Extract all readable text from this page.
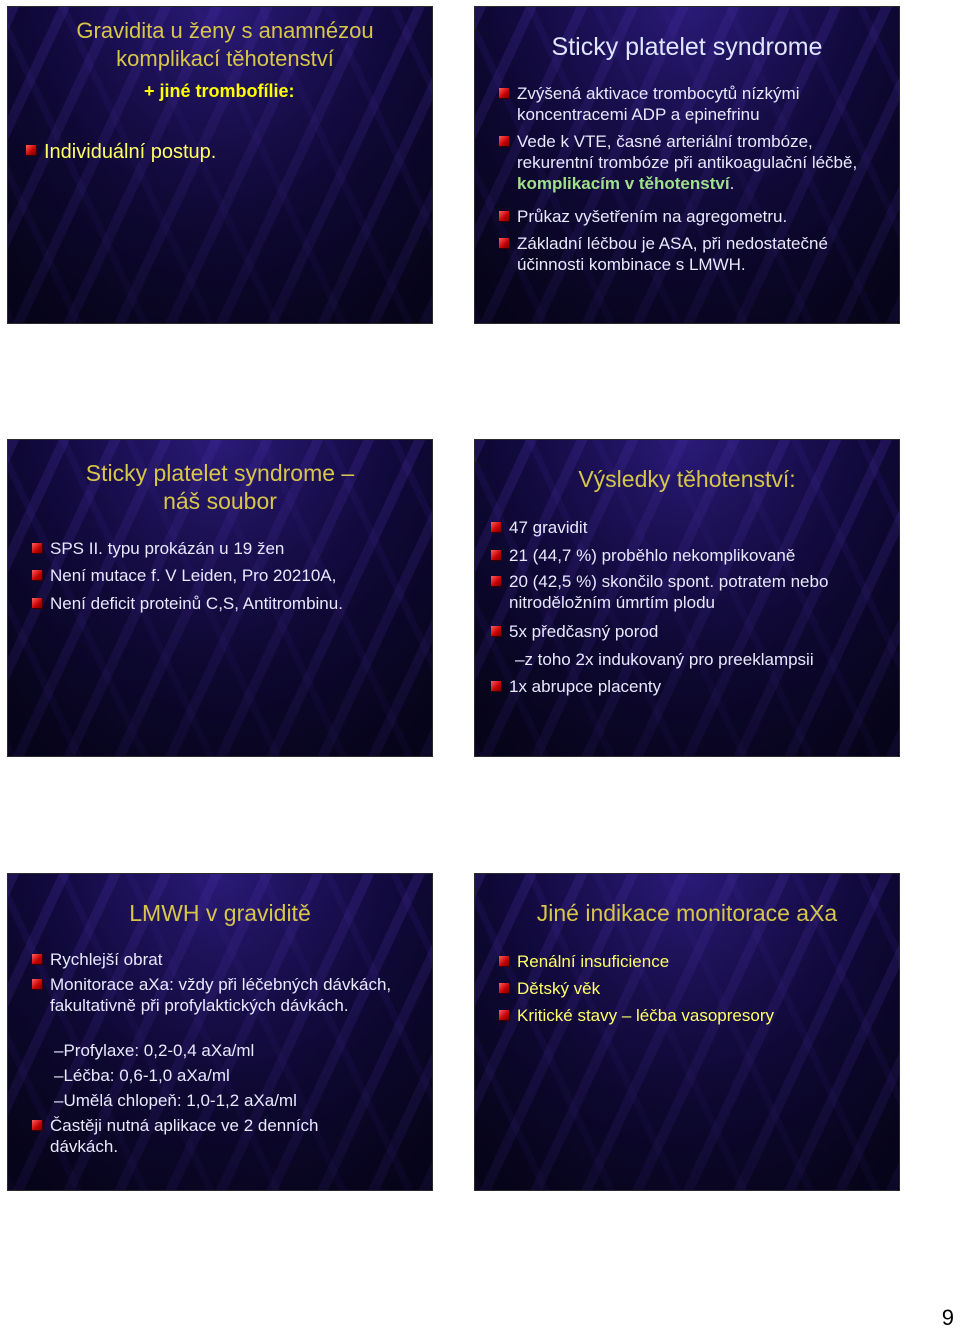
Gravidita u ženy s anamnézou komplikací těhotenství
+ jiné trombofílie:
Individuální postup.
Sticky platelet syndrome
Zvýšená aktivace trombocytů nízkými koncentracemi ADP a epinefrinu
Vede k VTE, časné arteriální trombóze, rekurentní trombóze při antikoagulační léčbě, komplikacím v těhotenství.
Průkaz vyšetřením na agregometru.
Základní léčbou je ASA, při nedostatečné účinnosti kombinace s LMWH.
Sticky platelet syndrome – náš soubor
SPS II. typu prokázán u 19 žen
Není mutace f. V Leiden, Pro 20210A,
Není deficit proteinů C,S, Antitrombinu.
Výsledky těhotenství:
47 gravidit
21 (44,7 %) proběhlo nekomplikovaně
20 (42,5 %) skončilo spont. potratem nebo nitroděložním úmrtím plodu
5x předčasný porod
–z toho 2x indukovaný pro preeklampsii
1x abrupce placenty
LMWH v graviditě
Rychlejší obrat
Monitorace aXa: vždy při léčebných dávkách, fakultativně při profylaktických dávkách.
–Profylaxe: 0,2-0,4 aXa/ml
–Léčba: 0,6-1,0 aXa/ml
–Umělá chlopeň: 1,0-1,2 aXa/ml
Častěji nutná aplikace ve 2 denních dávkách.
Jiné indikace monitorace aXa
Renální insuficience
Dětský věk
Kritické stavy – léčba vasopresory
9
